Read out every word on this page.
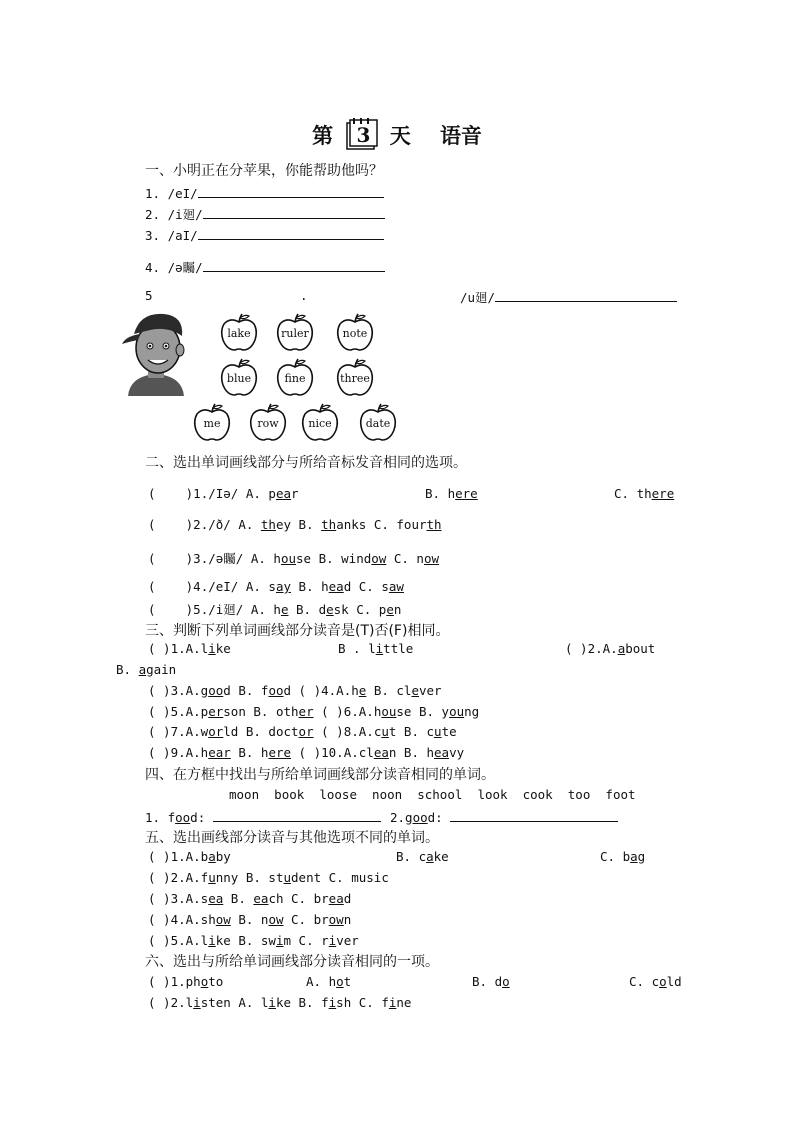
第 3 天 语音
一、小明正在分苹果，你能帮助他吗？
1. /eI/
2. /i廻/
3. /aI/
4. /ə矚/
5	.	/u廻/
lake	ruler	note
blue	fine	three
me	row	nice	date
二、选出单词画线部分与所给音标发音相同的选项。
( )1./Iə/ A. pear	B. here	C. there
( )2./ð/ A. they B. thanks C. fourth
( )3./ə矚/ A. house B. window C. now
( )4./eI/ A. say B. head C. saw
( )5./i廻/ A. he B. desk C. pen
三、判断下列单词画线部分读音是(T)否(F)相同。
( )1.A.like	B . little	( )2.A.about
B. again
( )3.A.good B. food ( )4.A.he B. clever
( )5.A.person B. other ( )6.A.house B. young
( )7.A.world B. doctor ( )8.A.cut B. cute
( )9.A.hear B. here ( )10.A.clean B. heavy
四、在方框中找出与所给单词画线部分读音相同的单词。
moon book loose noon school look cook too foot
1. food:	2.good:
五、选出画线部分读音与其他选项不同的单词。
( )1.A.baby	B. cake	C. bag
( )2.A.funny B. student C. music
( )3.A.sea B. each C. bread
( )4.A.show B. now C. brown
( )5.A.like B. swim C. river
六、选出与所给单词画线部分读音相同的一项。
( )1.photo	A. hot	B. do	C. cold
( )2.listen A. like B. fish C. fine
